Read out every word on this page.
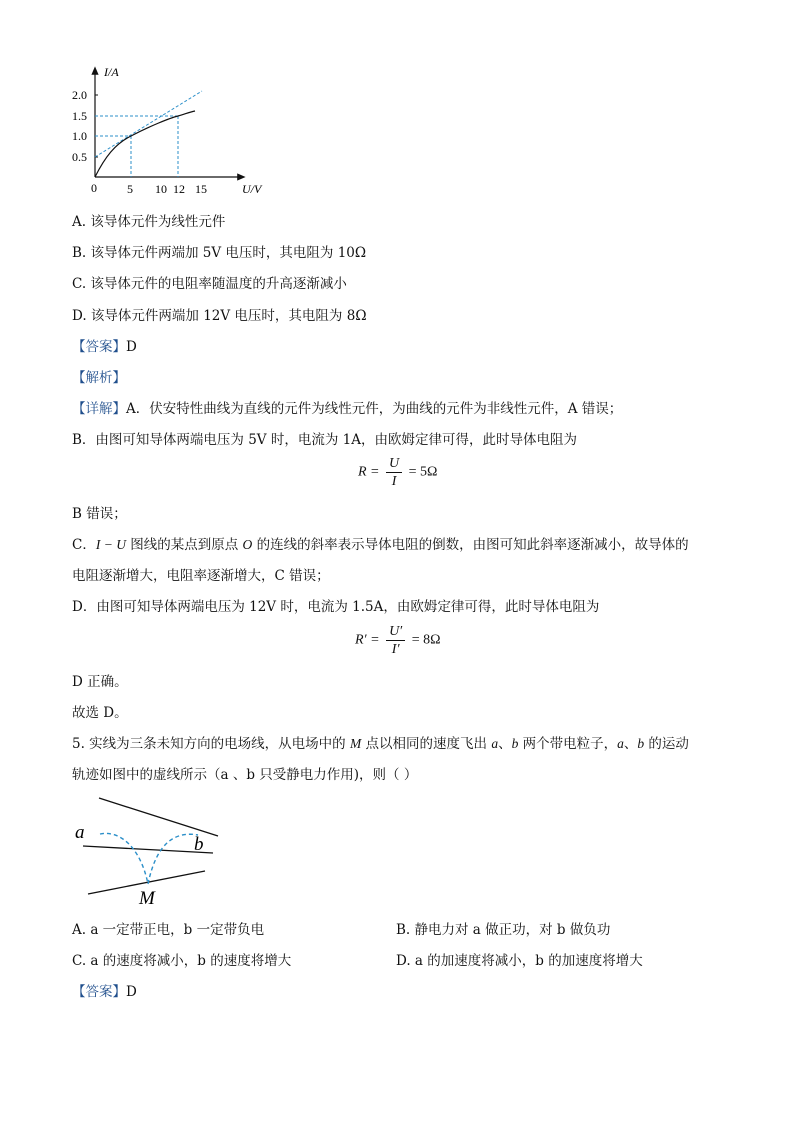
I/A
U/V
0
2.0
1.5
1.0
0.5
5 10 12 15
A. 该导体元件为线性元件
B. 该导体元件两端加 5V 电压时，其电阻为 10Ω
C. 该导体元件的电阻率随温度的升高逐渐减小
D. 该导体元件两端加 12V 电压时，其电阻为 8Ω
【答案】D
【解析】
【详解】A．伏安特性曲线为直线的元件为线性元件，为曲线的元件为非线性元件，A 错误；
B．由图可知导体两端电压为 5V 时，电流为 1A，由欧姆定律可得，此时导体电阻为
$R = \frac{U}{I} = 5\Omega$
B 错误；
C．I − U 图线的某点到原点 O 的连线的斜率表示导体电阻的倒数，由图可知此斜率逐渐减小，故导体的
电阻逐渐增大，电阻率逐渐增大，C 错误；
D．由图可知导体两端电压为 12V 时，电流为 1.5A，由欧姆定律可得，此时导体电阻为
$R' = \frac{U'}{I'} = 8\Omega$
D 正确。
故选 D。
5. 实线为三条未知方向的电场线，从电场中的 M 点以相同的速度飞出 a、b 两个带电粒子，a、b 的运动
轨迹如图中的虚线所示（a 、b 只受静电力作用)，则（ ）
a
b
M
A. a 一定带正电，b 一定带负电	B. 静电力对 a 做正功，对 b 做负功
C. a 的速度将减小，b 的速度将增大	D. a 的加速度将减小，b 的加速度将增大
【答案】D
